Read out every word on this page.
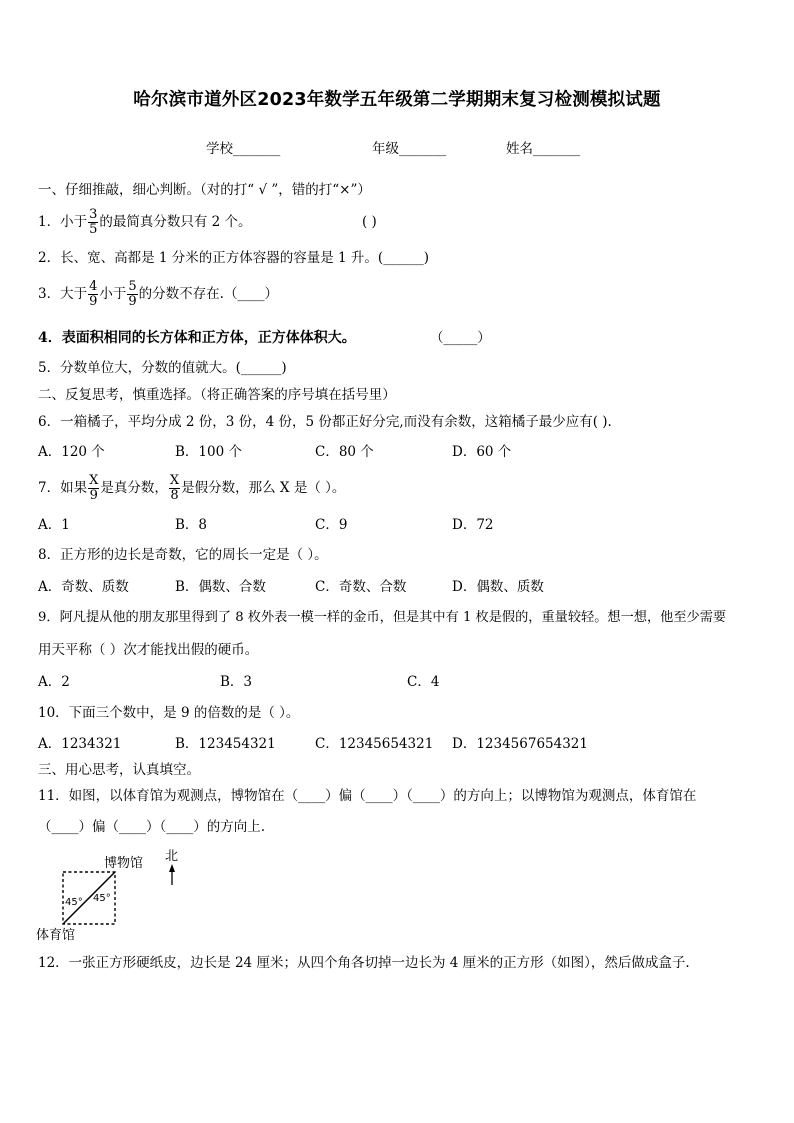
哈尔滨市道外区2023年数学五年级第二学期期末复习检测模拟试题
学校_______	年级_______	姓名_______
一、仔细推敲，细心判断。（对的打“ √ ”，错的打“×”）
1．小于 $\frac{3}{5}$ 的最简真分数只有 2 个。	( )
2．长、宽、高都是 1 分米的正方体容器的容量是 1 升。(______)
3．大于 $\frac{4}{9}$ 小于 $\frac{5}{9}$ 的分数不存在.（____）
4．表面积相同的长方体和正方体，正方体体积大。	（_____）
5．分数单位大，分数的值就大。(______)
二、反复思考，慎重选择。（将正确答案的序号填在括号里）
6．一箱橘子，平均分成 2 份，3 份，4 份，5 份都正好分完,而没有余数，这箱橘子最少应有( ).
A．120 个	B．100 个	C．80 个	D．60 个
7．如果 $\frac{X}{9}$ 是真分数， $\frac{X}{8}$ 是假分数，那么 X 是（ ）。
A．1	B．8	C．9	D．72
8．正方形的边长是奇数，它的周长一定是（ ）。
A．奇数、质数	B．偶数、合数	C．奇数、合数	D．偶数、质数
9．阿凡提从他的朋友那里得到了 8 枚外表一模一样的金币，但是其中有 1 枚是假的，重量较轻。想一想，他至少需要
用天平称（ ）次才能找出假的硬币。
A．2	B．3	C．4
10．下面三个数中，是 9 的倍数的是（ ）。
A．1234321	B．123454321	C．12345654321 D．1234567654321
三、用心思考，认真填空。
11．如图，以体育馆为观测点，博物馆在（____）偏（____）（____）的方向上；以博物馆为观测点，体育馆在
（____）偏（____）（____）的方向上.
博物馆 北
体育馆
45° 45°
12．一张正方形硬纸皮，边长是 24 厘米；从四个角各切掉一边长为 4 厘米的正方形（如图），然后做成盒子.
